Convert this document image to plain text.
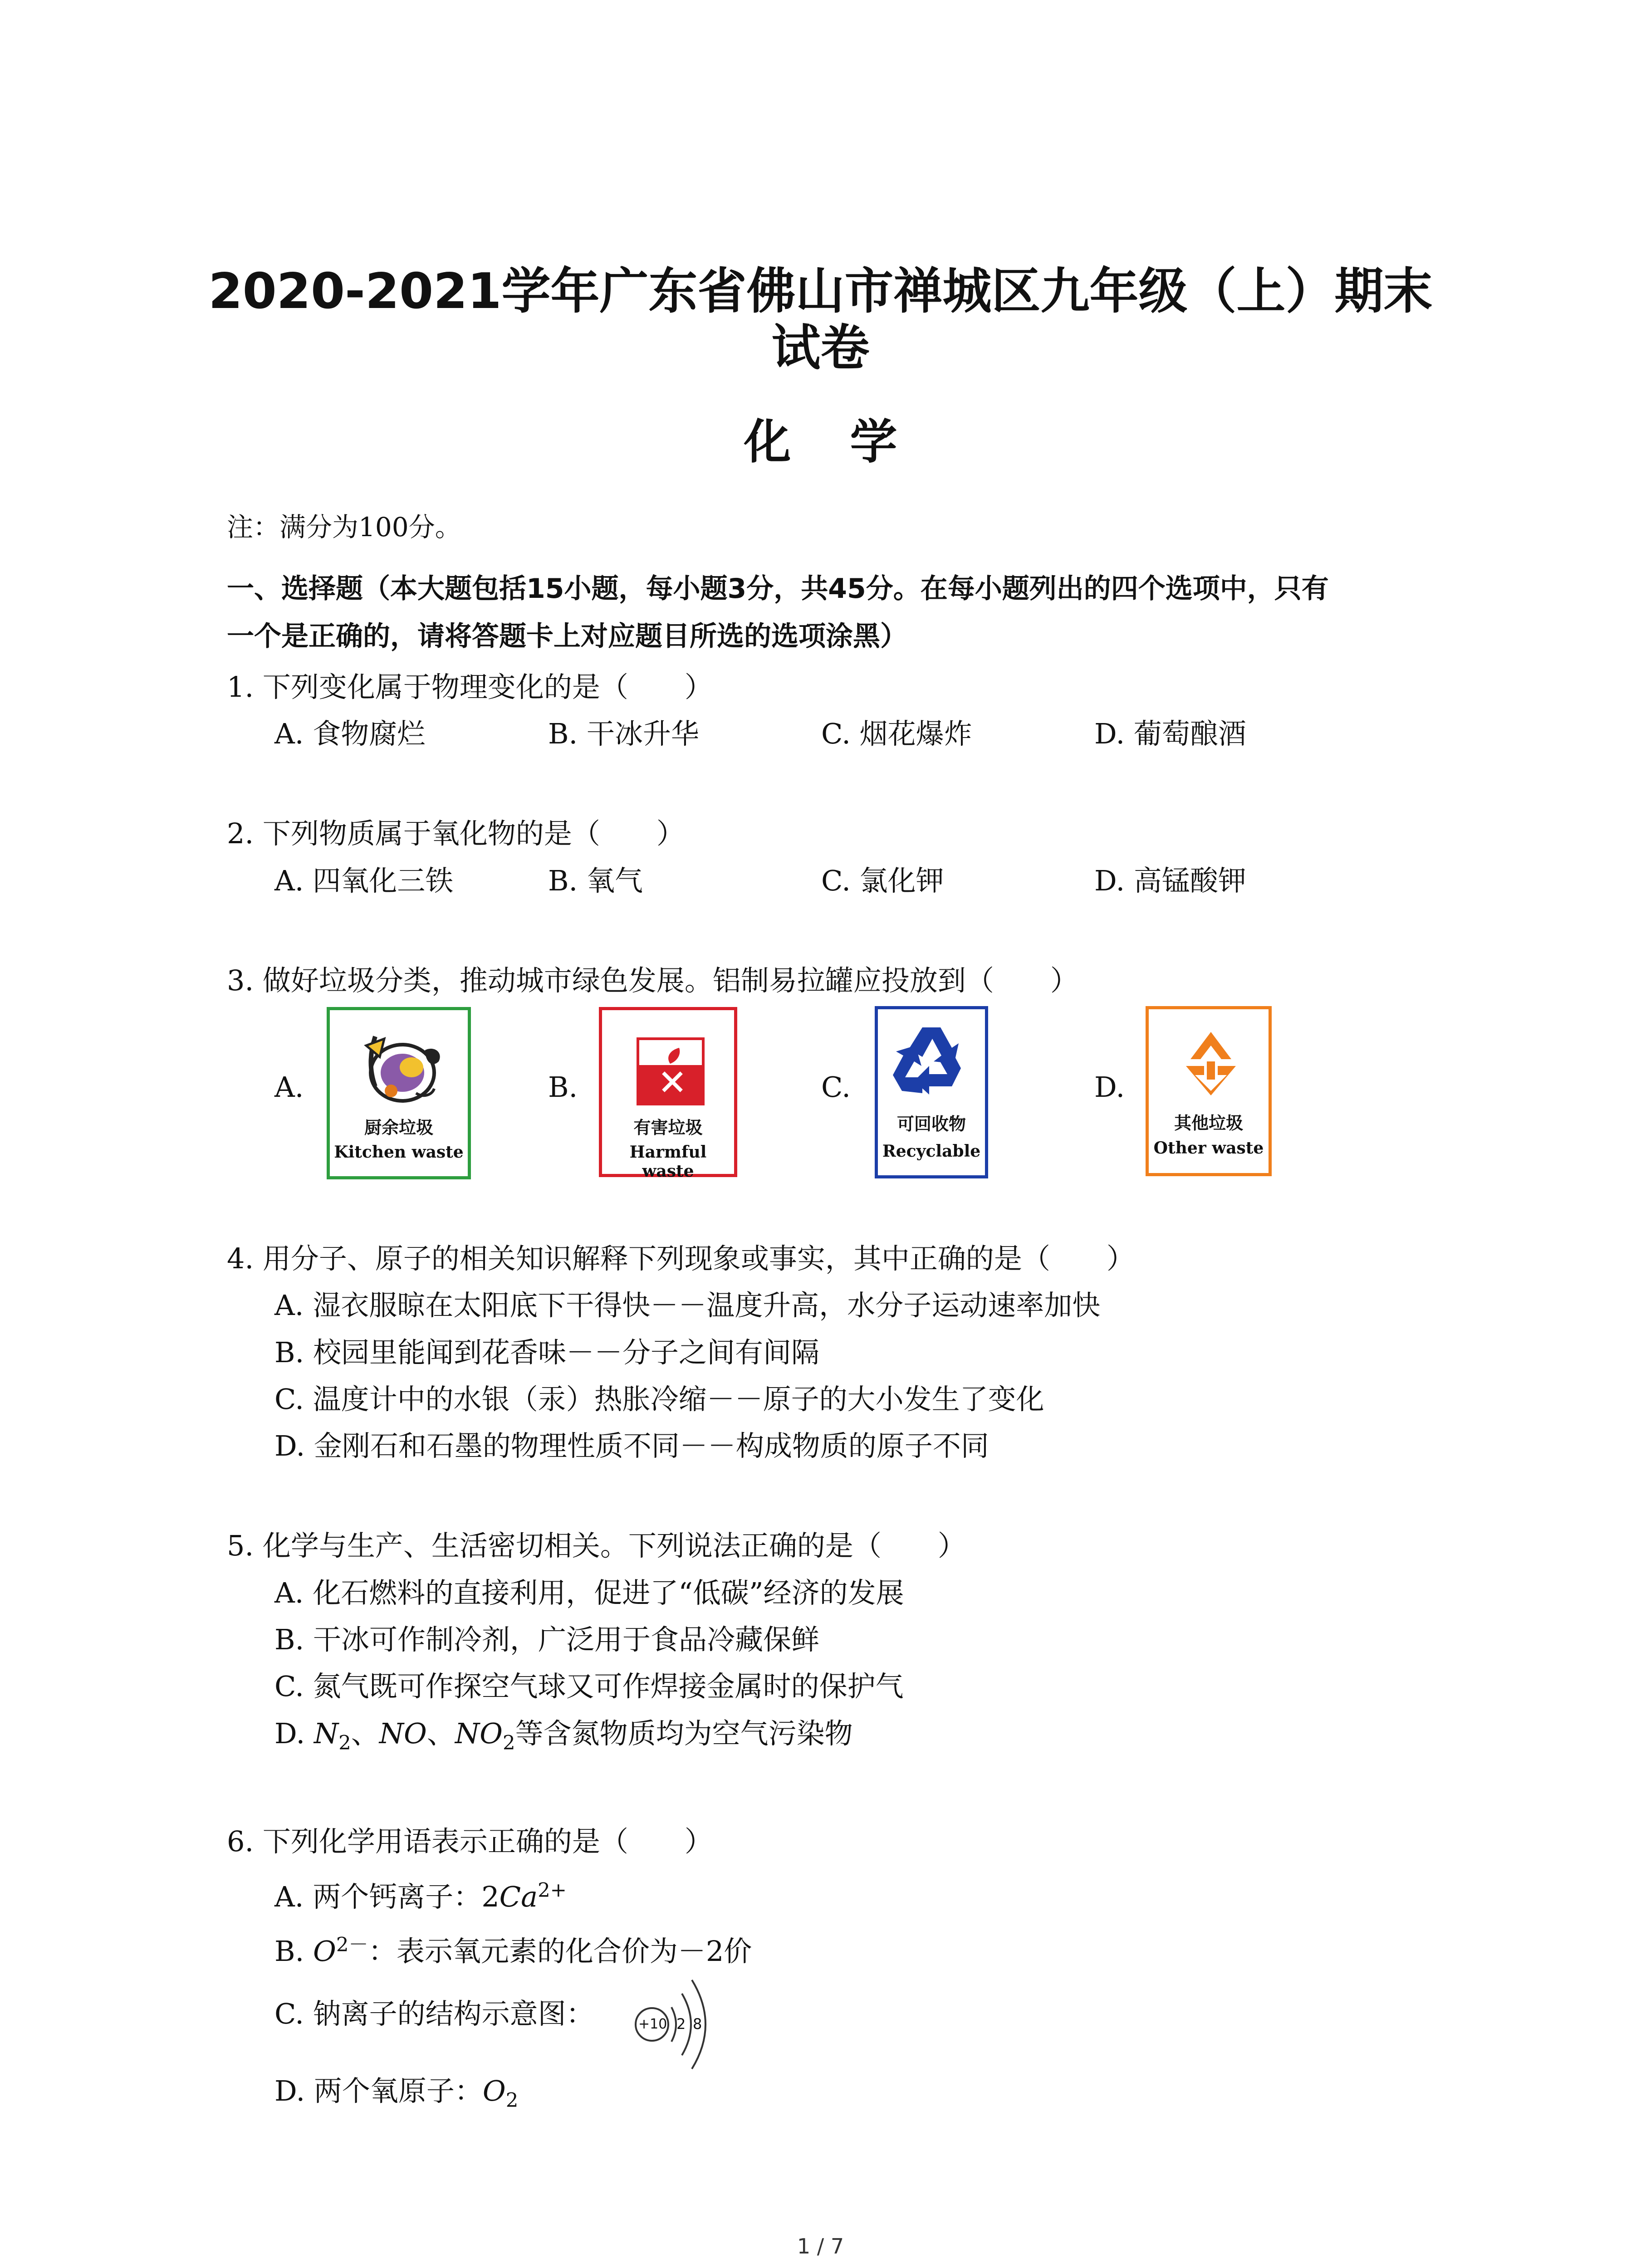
2020-2021学年广东省佛山市禅城区九年级（上）期末
试卷
化学
注：满分为100分。
一、选择题（本大题包括15小题，每小题3分，共45分。在每小题列出的四个选项中，只有
一个是正确的，请将答题卡上对应题目所选的选项涂黑）
1. 下列变化属于物理变化的是（　　）
A. 食物腐烂	B. 干冰升华	C. 烟花爆炸	D. 葡萄酿酒
2. 下列物质属于氧化物的是（　　）
A. 四氧化三铁	B. 氧气	C. 氯化钾	D. 高锰酸钾
3. 做好垃圾分类，推动城市绿色发展。铝制易拉罐应投放到（　　）
A.	B.	C.	D.
厨余垃圾
Kitchen waste
有害垃圾
Harmful waste
可回收物
Recyclable
其他垃圾
Other waste
4. 用分子、原子的相关知识解释下列现象或事实，其中正确的是（　　）
A. 湿衣服晾在太阳底下干得快－－温度升高，水分子运动速率加快
B. 校园里能闻到花香味－－分子之间有间隔
C. 温度计中的水银（汞）热胀冷缩－－原子的大小发生了变化
D. 金刚石和石墨的物理性质不同－－构成物质的原子不同
5. 化学与生产、生活密切相关。下列说法正确的是（　　）
A. 化石燃料的直接利用，促进了“低碳”经济的发展
B. 干冰可作制冷剂，广泛用于食品冷藏保鲜
C. 氮气既可作探空气球又可作焊接金属时的保护气
D. $N_2$、NO、$NO_2$等含氮物质均为空气污染物
6. 下列化学用语表示正确的是（　　）
A. 两个钙离子：$2Ca^{2+}$
B. $O^{2-}$：表示氧元素的化合价为－2价
C. 钠离子的结构示意图：	+10 2 8
D. 两个氧原子：$O_2$
1 / 7
